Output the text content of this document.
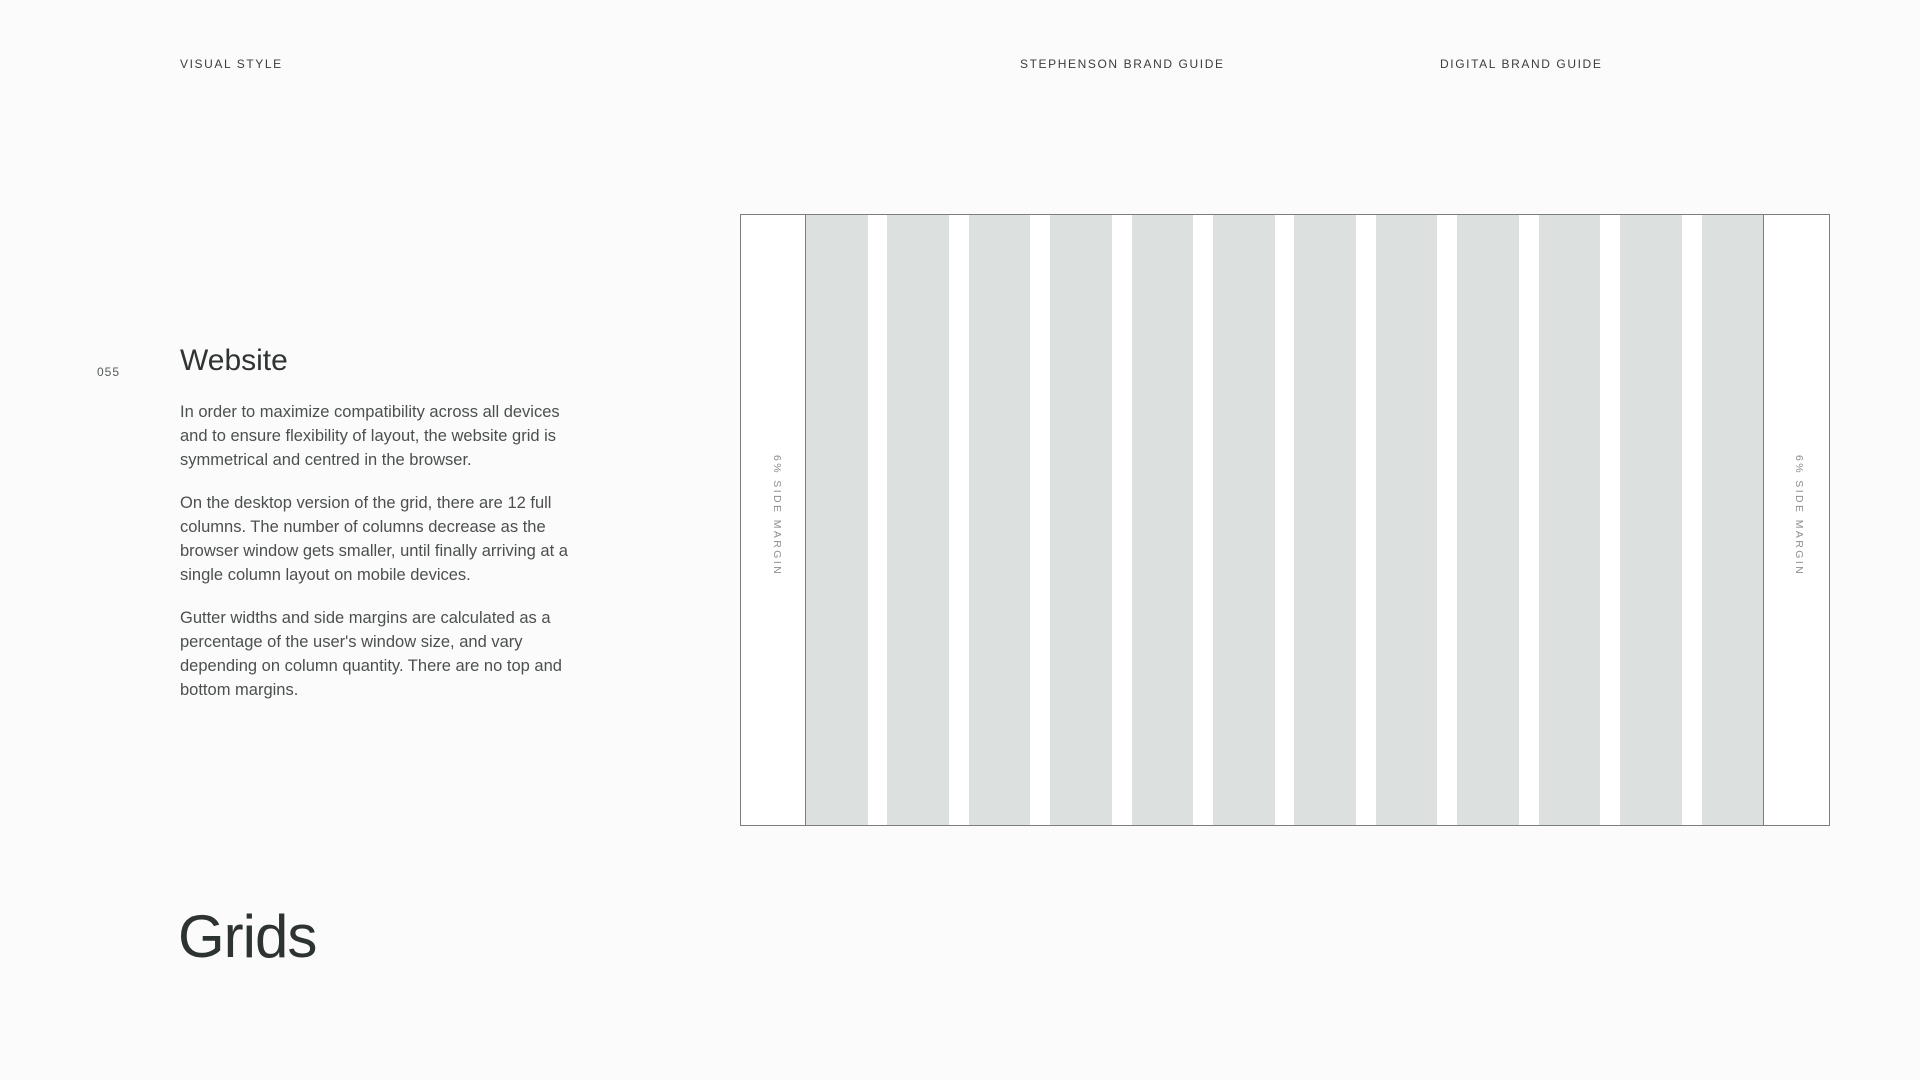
VISUAL STYLE	STEPHENSON BRAND GUIDE	DIGITAL BRAND GUIDE
055 Website

In order to maximize compatibility across all devices and to ensure flexibility of layout, the website grid is symmetrical and centred in the browser.

On the desktop version of the grid, there are 12 full columns. The number of columns decrease as the browser window gets smaller, until finally arriving at a single column layout on mobile devices.

Gutter widths and side margins are calculated as a percentage of the user's window size, and vary depending on column quantity. There are no top and bottom margins.

Grids
6% SIDE MARGIN	6% SIDE MARGIN
